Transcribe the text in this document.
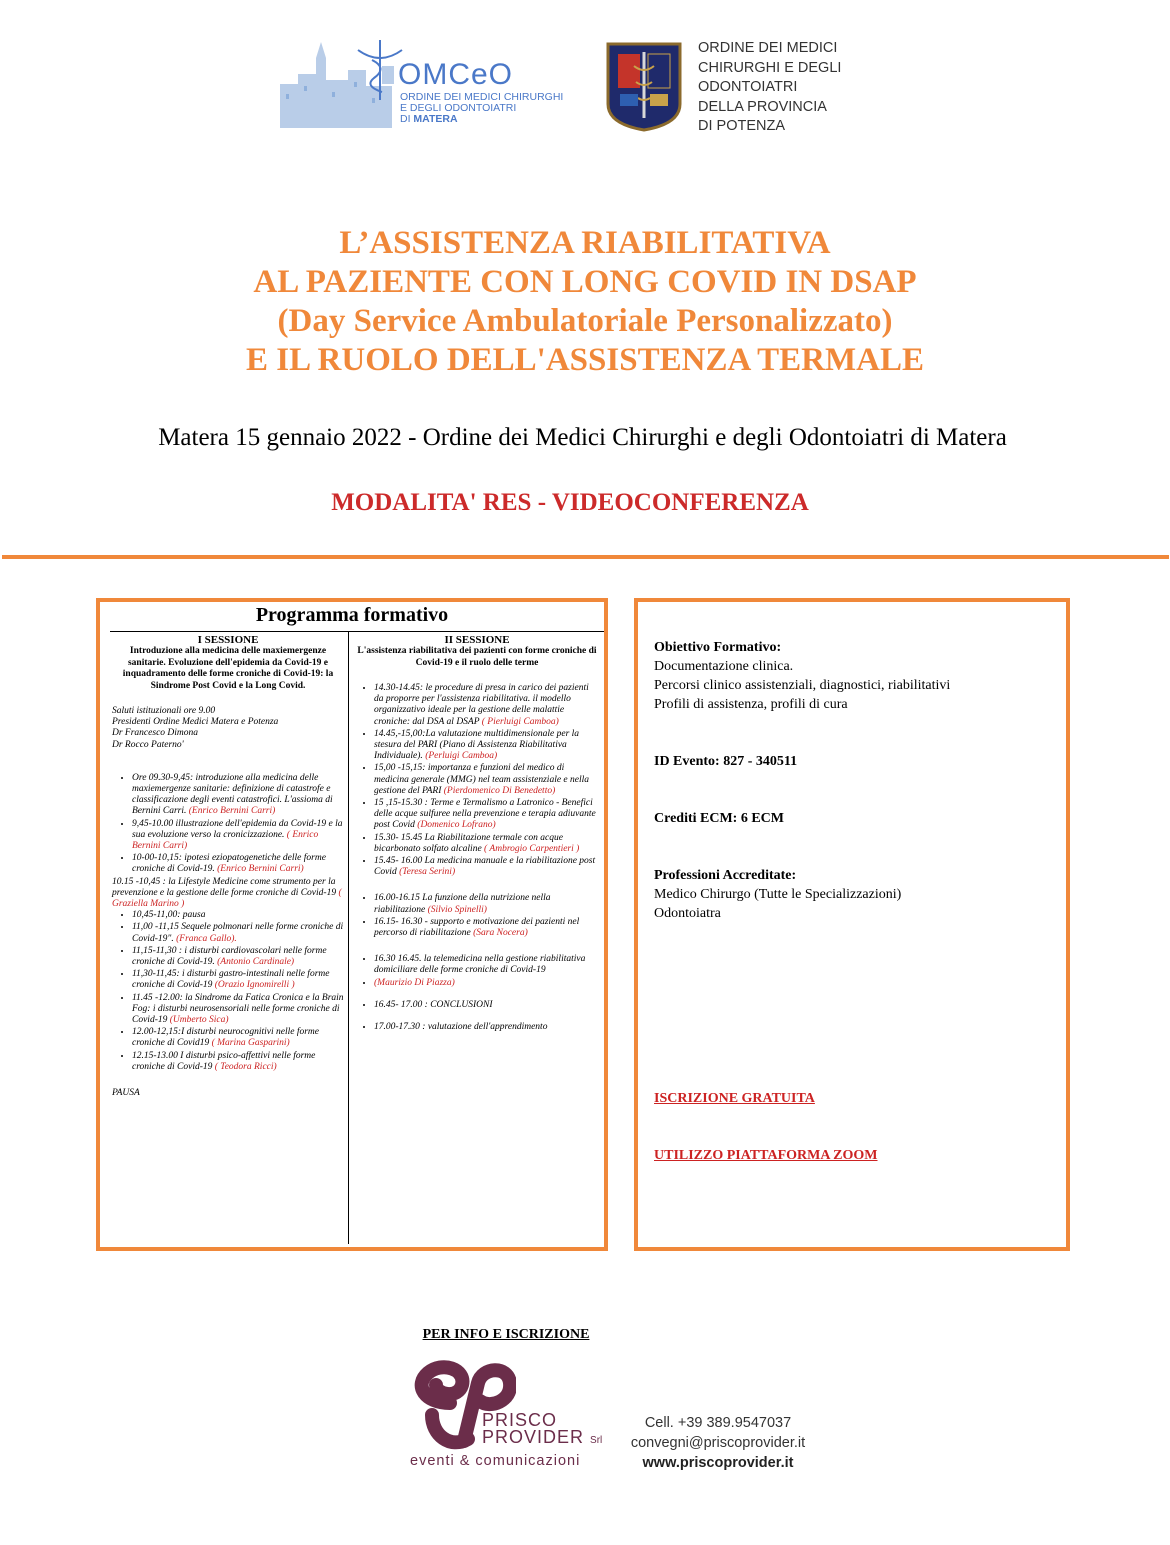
OMCeO
ORDINE DEI MEDICI CHIRURGHI
E DEGLI ODONTOIATRI
DI MATERA
ORDINE DEI MEDICI
CHIRURGHI E DEGLI
ODONTOIATRI
DELLA PROVINCIA
DI POTENZA
L’ASSISTENZA RIABILITATIVA
AL PAZIENTE CON LONG COVID IN DSAP
(Day Service Ambulatoriale Personalizzato)
E IL RUOLO DELL'ASSISTENZA TERMALE
Matera 15 gennaio 2022 - Ordine dei Medici Chirurghi e degli Odontoiatri di Matera
MODALITA' RES - VIDEOCONFERENZA
Programma formativo
I SESSIONE
Introduzione alla medicina delle maxiemergenze sanitarie. Evoluzione dell'epidemia da Covid-19 e inquadramento delle forme croniche di Covid-19: la Sindrome Post Covid e la Long Covid.
Saluti istituzionali ore 9.00
Presidenti Ordine Medici Matera e Potenza
Dr Francesco Dimona
Dr Rocco Paterno'
• Ore 09.30-9,45: introduzione alla medicina delle maxiemergenze sanitarie: definizione di catastrofe e classificazione degli eventi catastrofici. L'assioma di Bernini Carri. (Enrico Bernini Carri)
• 9,45-10.00 illustrazione dell'epidemia da Covid-19 e la sua evoluzione verso la cronicizzazione. ( Enrico Bernini Carri)
• 10-00-10,15: ipotesi eziopatogenetiche delle forme croniche di Covid-19. (Enrico Bernini Carri)
10.15 -10,45 : la Lifestyle Medicine come strumento per la prevenzione e la gestione delle forme croniche di Covid-19 ( Graziella Marino )
• 10,45-11,00: pausa
• 11,00 -11,15 Sequele polmonari nelle forme croniche di Covid-19". (Franca Gallo).
• 11,15-11,30 : i disturbi cardiovascolari nelle forme croniche di Covid-19. (Antonio Cardinale)
• 11,30-11,45: i disturbi gastro-intestinali nelle forme croniche di Covid-19 (Orazio Ignomirelli )
• 11.45 -12.00: la Sindrome da Fatica Cronica e la Brain Fog: i disturbi neurosensoriali nelle forme croniche di Covid-19 (Umberto Sica)
• 12.00-12,15:I disturbi neurocognitivi nelle forme croniche di Covid19 ( Marina Gasparini)
• 12.15-13.00 I disturbi psico-affettivi nelle forme croniche di Covid-19 ( Teodora Ricci)
PAUSA
II SESSIONE
L'assistenza riabilitativa dei pazienti con forme croniche di Covid-19 e il ruolo delle terme
• 14.30-14.45: le procedure di presa in carico dei pazienti da proporre per l'assistenza riabilitativa. il modello organizzativo ideale per la gestione delle malattie croniche: dal DSA al DSAP ( Pierluigi Camboa)
• 14.45,-15,00:La valutazione multidimensionale per la stesura del PARI (Piano di Assistenza Riabilitativa Individuale). (Perluigi Camboa)
• 15,00 -15,15: importanza e funzioni del medico di medicina generale (MMG) nel team assistenziale e nella gestione del PARI (Pierdomenico Di Benedetto)
• 15 ,15-15.30 : Terme e Termalismo a Latronico - Benefici delle acque sulfuree nella prevenzione e terapia adiuvante post Covid (Domenico Lofrano)
• 15.30- 15.45 La Riabilitazione termale con acque bicarbonato solfato alcaline ( Ambrogio Carpentieri )
• 15.45- 16.00 La medicina manuale e la riabilitazione post Covid (Teresa Serini)
• 16.00-16.15 La funzione della nutrizione nella riabilitazione (Silvio Spinelli)
• 16.15- 16.30 - supporto e motivazione dei pazienti nel percorso di riabilitazione (Sara Nocera)
• 16.30 16.45. la telemedicina nella gestione riabilitativa domiciliare delle forme croniche di Covid-19
• (Maurizio Di Piazza)
• 16.45- 17.00 : CONCLUSIONI
• 17.00-17.30 : valutazione dell'apprendimento
Obiettivo Formativo:
Documentazione clinica.
Percorsi clinico assistenziali, diagnostici, riabilitativi
Profili di assistenza, profili di cura
ID Evento: 827 - 340511
Crediti ECM: 6 ECM
Professioni Accreditate:
Medico Chirurgo (Tutte le Specializzazioni)
Odontoiatra
ISCRIZIONE GRATUITA
UTILIZZO PIATTAFORMA ZOOM
PER INFO E ISCRIZIONE
PRISCO
PROVIDER Srl
eventi & comunicazioni
Cell. +39 389.9547037
convegni@priscoprovider.it
www.priscoprovider.it
